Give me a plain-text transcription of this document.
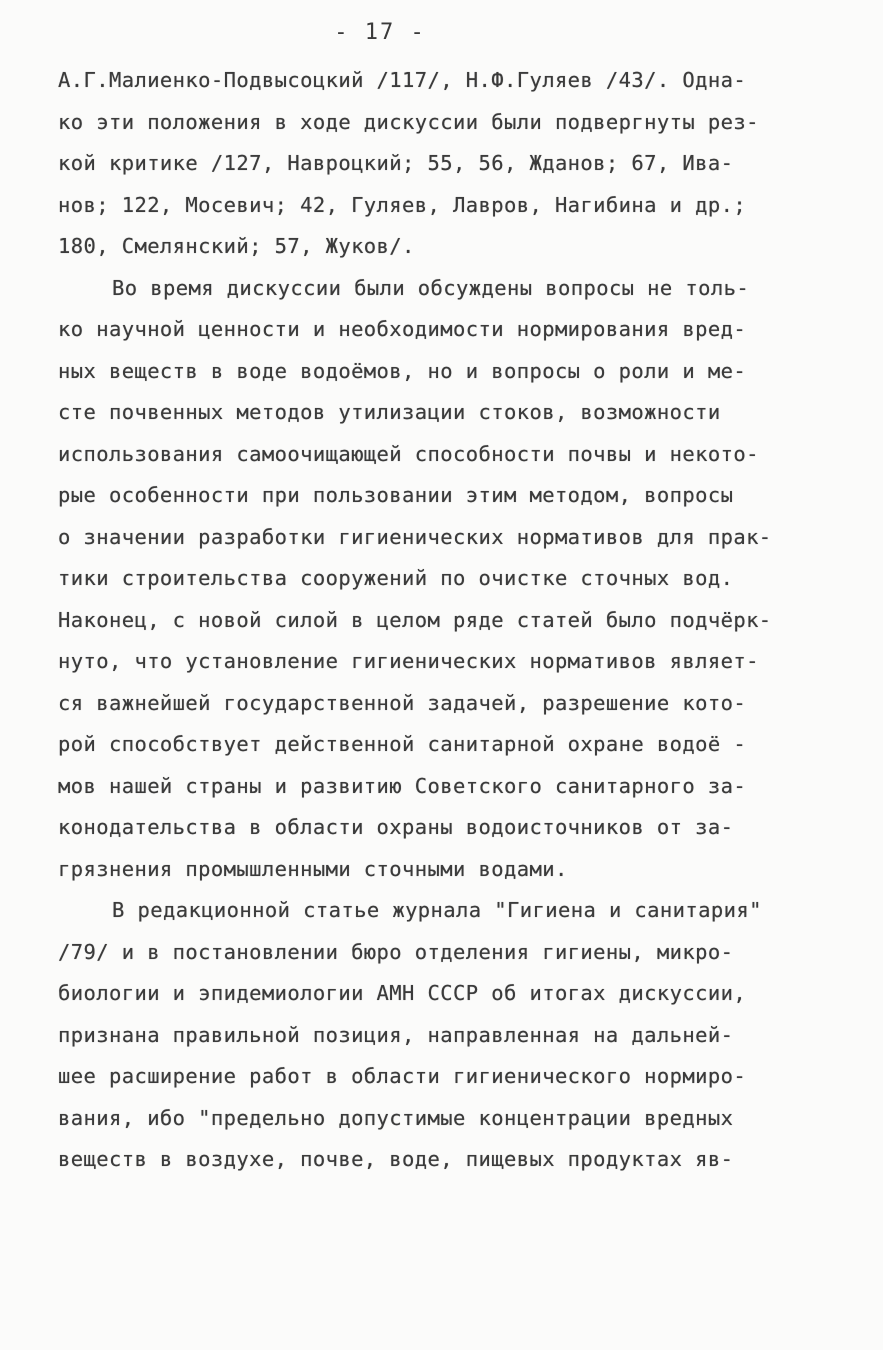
- 17 -
А.Г.Малиенко-Подвысоцкий /117/, Н.Ф.Гуляев /43/. Одна-
ко эти положения в ходе дискуссии были подвергнуты рез-
кой критике /127, Навроцкий; 55, 56, Жданов; 67, Ива-
нов; 122, Мосевич; 42, Гуляев, Лавров, Нагибина и др.;
180, Смелянский; 57, Жуков/.
Во время дискуссии были обсуждены вопросы не толь-
ко научной ценности и необходимости нормирования вред-
ных веществ в воде водоёмов, но и вопросы о роли и ме-
сте почвенных методов утилизации стоков, возможности
использования самоочищающей способности почвы и некото-
рые особенности при пользовании этим методом, вопросы
о значении разработки гигиенических нормативов для прак-
тики строительства сооружений по очистке сточных вод.
Наконец, с новой силой в целом ряде статей было подчёрк-
нуто, что установление гигиенических нормативов являет-
ся важнейшей государственной задачей, разрешение кото-
рой способствует действенной санитарной охране водоё -
мов нашей страны и развитию Советского санитарного за-
конодательства в области охраны водоисточников от за-
грязнения промышленными сточными водами.
В редакционной статье журнала "Гигиена и санитария"
/79/ и в постановлении бюро отделения гигиены, микро-
биологии и эпидемиологии АМН СССР об итогах дискуссии,
признана правильной позиция, направленная на дальней-
шее расширение работ в области гигиенического нормиро-
вания, ибо "предельно допустимые концентрации вредных
веществ в воздухе, почве, воде, пищевых продуктах яв-
